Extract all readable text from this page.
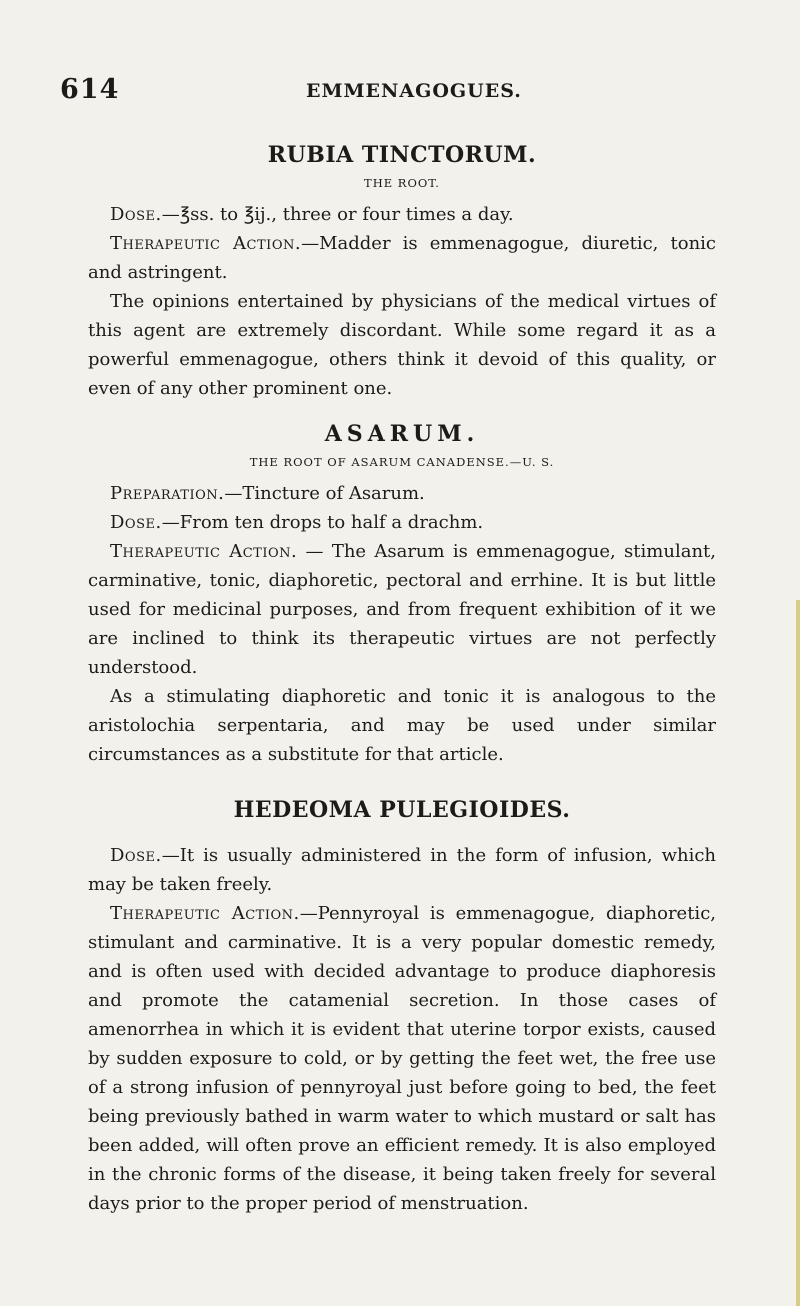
614	EMMENAGOGUES.
RUBIA TINCTORUM.
THE ROOT.

Dose.—℥ss. to ℥ij., three or four times a day.

Therapeutic Action.—Madder is emmenagogue, diuretic, tonic and astringent.

The opinions entertained by physicians of the medical virtues of this agent are extremely discordant. While some regard it as a powerful emmenagogue, others think it devoid of this quality, or even of any other prominent one.

ASARUM.
THE ROOT OF ASARUM CANADENSE.—U. S.

Preparation.—Tincture of Asarum.

Dose.—From ten drops to half a drachm.

Therapeutic Action. — The Asarum is emmenagogue, stimulant, carminative, tonic, diaphoretic, pectoral and errhine. It is but little used for medicinal purposes, and from frequent exhibition of it we are inclined to think its therapeutic virtues are not perfectly understood.

As a stimulating diaphoretic and tonic it is analogous to the aristolochia serpentaria, and may be used under similar circumstances as a substitute for that article.

HEDEOMA PULEGIOIDES.

Dose.—It is usually administered in the form of infusion, which may be taken freely.

Therapeutic Action.—Pennyroyal is emmenagogue, diaphoretic, stimulant and carminative. It is a very popular domestic remedy, and is often used with decided advantage to produce diaphoresis and promote the catamenial secretion. In those cases of amenorrhea in which it is evident that uterine torpor exists, caused by sudden exposure to cold, or by getting the feet wet, the free use of a strong infusion of pennyroyal just before going to bed, the feet being previously bathed in warm water to which mustard or salt has been added, will often prove an efficient remedy. It is also employed in the chronic forms of the disease, it being taken freely for several days prior to the proper period of menstruation.
